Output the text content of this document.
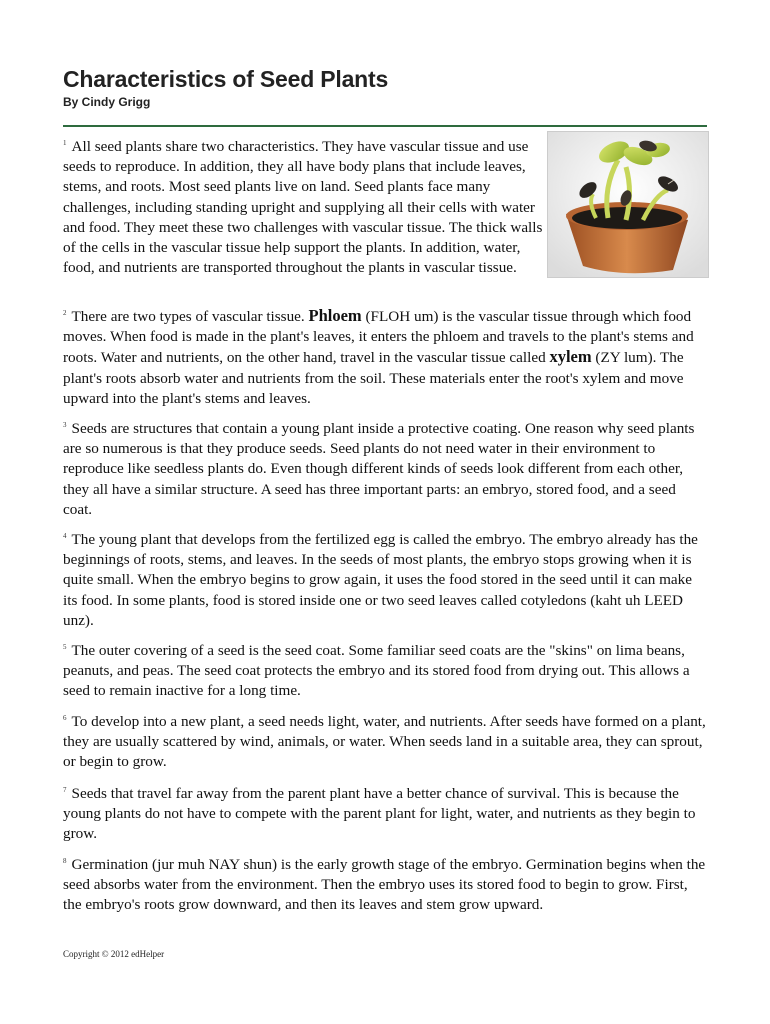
Characteristics of Seed Plants
By Cindy Grigg

$^1$ All seed plants share two characteristics. They have vascular tissue and use seeds to reproduce. In addition, they all have body plans that include leaves, stems, and roots. Most seed plants live on land. Seed plants face many challenges, including standing upright and supplying all their cells with water and food. They meet these two challenges with vascular tissue. The thick walls of the cells in the vascular tissue help support the plants. In addition, water, food, and nutrients are transported throughout the plants in vascular tissue.

$^2$ There are two types of vascular tissue. Phloem (FLOH um) is the vascular tissue through which food moves. When food is made in the plant's leaves, it enters the phloem and travels to the plant's stems and roots. Water and nutrients, on the other hand, travel in the vascular tissue called xylem (ZY lum). The plant's roots absorb water and nutrients from the soil. These materials enter the root's xylem and move upward into the plant's stems and leaves.

$^3$ Seeds are structures that contain a young plant inside a protective coating. One reason why seed plants are so numerous is that they produce seeds. Seed plants do not need water in their environment to reproduce like seedless plants do. Even though different kinds of seeds look different from each other, they all have a similar structure. A seed has three important parts: an embryo, stored food, and a seed coat.

$^4$ The young plant that develops from the fertilized egg is called the embryo. The embryo already has the beginnings of roots, stems, and leaves. In the seeds of most plants, the embryo stops growing when it is quite small. When the embryo begins to grow again, it uses the food stored in the seed until it can make its food. In some plants, food is stored inside one or two seed leaves called cotyledons (kaht uh LEED unz).

$^5$ The outer covering of a seed is the seed coat. Some familiar seed coats are the "skins" on lima beans, peanuts, and peas. The seed coat protects the embryo and its stored food from drying out. This allows a seed to remain inactive for a long time.

$^6$ To develop into a new plant, a seed needs light, water, and nutrients. After seeds have formed on a plant, they are usually scattered by wind, animals, or water. When seeds land in a suitable area, they can sprout, or begin to grow.

$^7$ Seeds that travel far away from the parent plant have a better chance of survival. This is because the young plants do not have to compete with the parent plant for light, water, and nutrients as they begin to grow.

$^8$ Germination (jur muh NAY shun) is the early growth stage of the embryo. Germination begins when the seed absorbs water from the environment. Then the embryo uses its stored food to begin to grow. First, the embryo's roots grow downward, and then its leaves and stem grow upward.

Copyright © 2012 edHelper
